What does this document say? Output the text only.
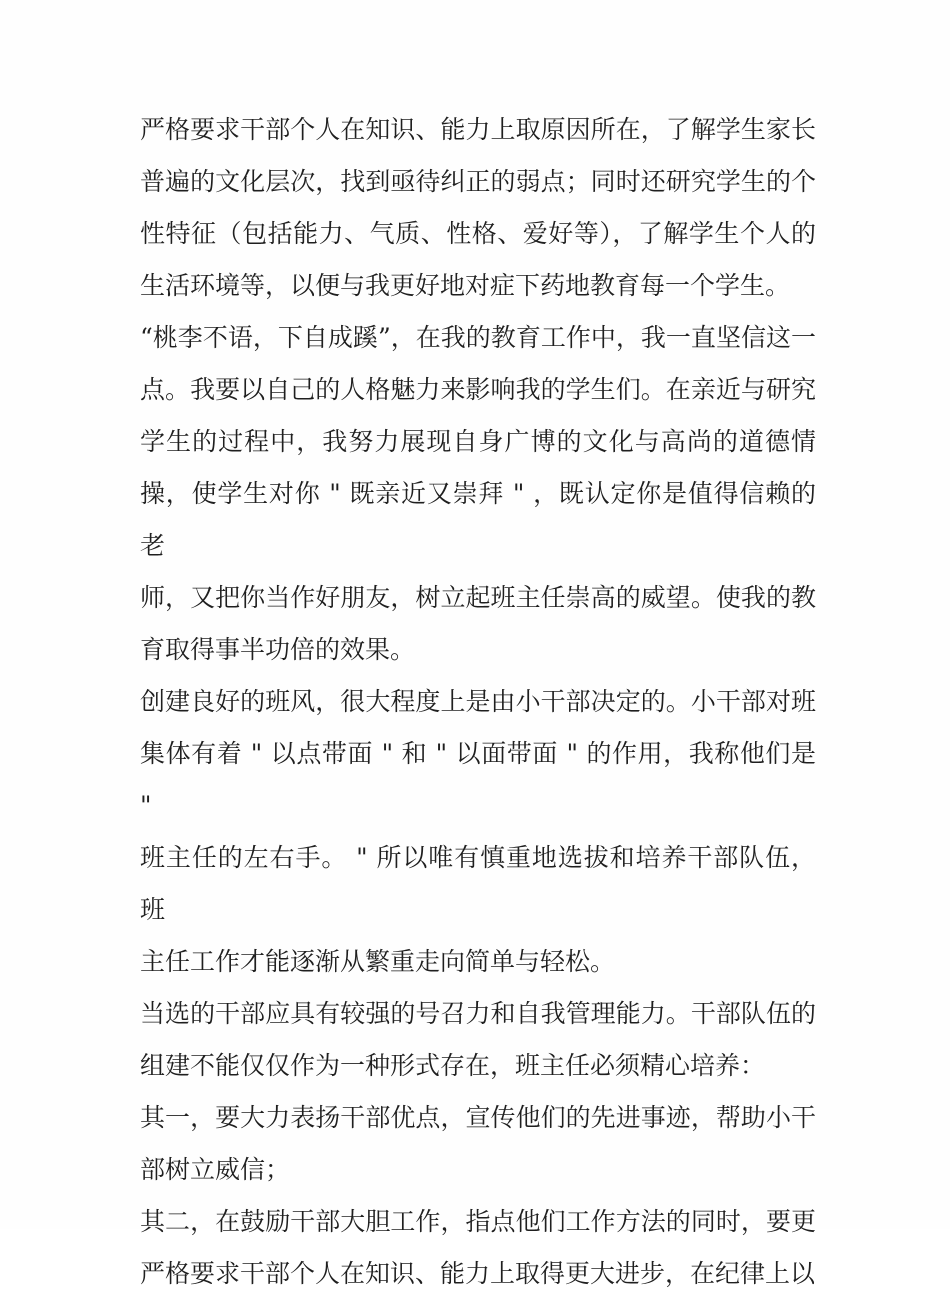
严格要求干部个人在知识、能力上取原因所在，了解学生家长
普遍的文化层次，找到亟待纠正的弱点；同时还研究学生的个
性特征（包括能力、气质、性格、爱好等），了解学生个人的
生活环境等，以便与我更好地对症下药地教育每一个学生。
“桃李不语，下自成蹊”，在我的教育工作中，我一直坚信这一
点。我要以自己的人格魅力来影响我的学生们。在亲近与研究
学生的过程中，我努力展现自身广博的文化与高尚的道德情
操，使学生对你 " 既亲近又崇拜 " ，既认定你是值得信赖的老
师，又把你当作好朋友，树立起班主任崇高的威望。使我的教
育取得事半功倍的效果。
创建良好的班风，很大程度上是由小干部决定的。小干部对班
集体有着 " 以点带面 " 和 " 以面带面 " 的作用，我称他们是 "
班主任的左右手。 " 所以唯有慎重地选拔和培养干部队伍，班
主任工作才能逐渐从繁重走向简单与轻松。
当选的干部应具有较强的号召力和自我管理能力。干部队伍的
组建不能仅仅作为一种形式存在，班主任必须精心培养：
其一，要大力表扬干部优点，宣传他们的先进事迹，帮助小干
部树立威信；
其二，在鼓励干部大胆工作，指点他们工作方法的同时，要更
严格要求干部个人在知识、能力上取得更大进步，在纪律上以
